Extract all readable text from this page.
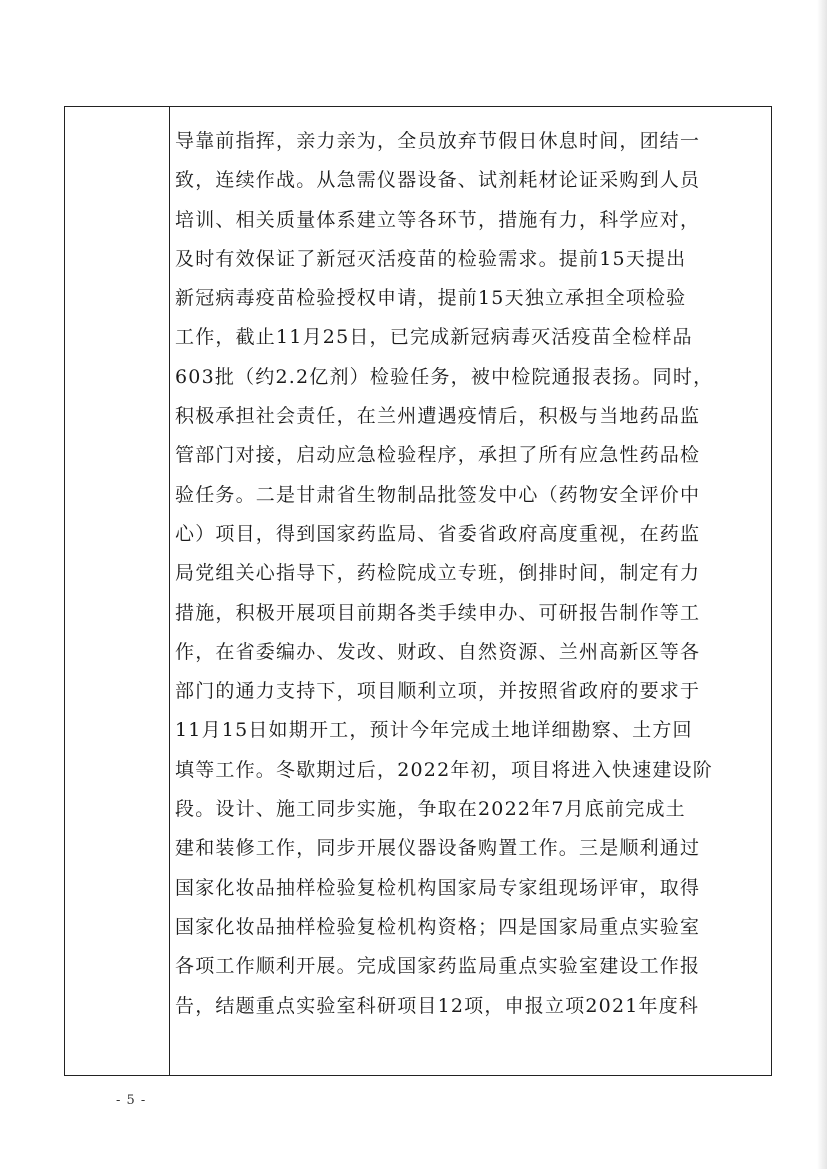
导靠前指挥，亲力亲为，全员放弃节假日休息时间，团结一
致，连续作战。从急需仪器设备、试剂耗材论证采购到人员
培训、相关质量体系建立等各环节，措施有力，科学应对，
及时有效保证了新冠灭活疫苗的检验需求。提前15天提出
新冠病毒疫苗检验授权申请，提前15天独立承担全项检验
工作，截止11月25日，已完成新冠病毒灭活疫苗全检样品
603批（约2.2亿剂）检验任务，被中检院通报表扬。同时，
积极承担社会责任，在兰州遭遇疫情后，积极与当地药品监
管部门对接，启动应急检验程序，承担了所有应急性药品检
验任务。二是甘肃省生物制品批签发中心（药物安全评价中
心）项目，得到国家药监局、省委省政府高度重视，在药监
局党组关心指导下，药检院成立专班，倒排时间，制定有力
措施，积极开展项目前期各类手续申办、可研报告制作等工
作，在省委编办、发改、财政、自然资源、兰州高新区等各
部门的通力支持下，项目顺利立项，并按照省政府的要求于
11月15日如期开工，预计今年完成土地详细勘察、土方回
填等工作。冬歇期过后，2022年初，项目将进入快速建设阶
段。设计、施工同步实施，争取在2022年7月底前完成土
建和装修工作，同步开展仪器设备购置工作。三是顺利通过
国家化妆品抽样检验复检机构国家局专家组现场评审，取得
国家化妆品抽样检验复检机构资格；四是国家局重点实验室
各项工作顺利开展。完成国家药监局重点实验室建设工作报
告，结题重点实验室科研项目12项，申报立项2021年度科
- 5 -
